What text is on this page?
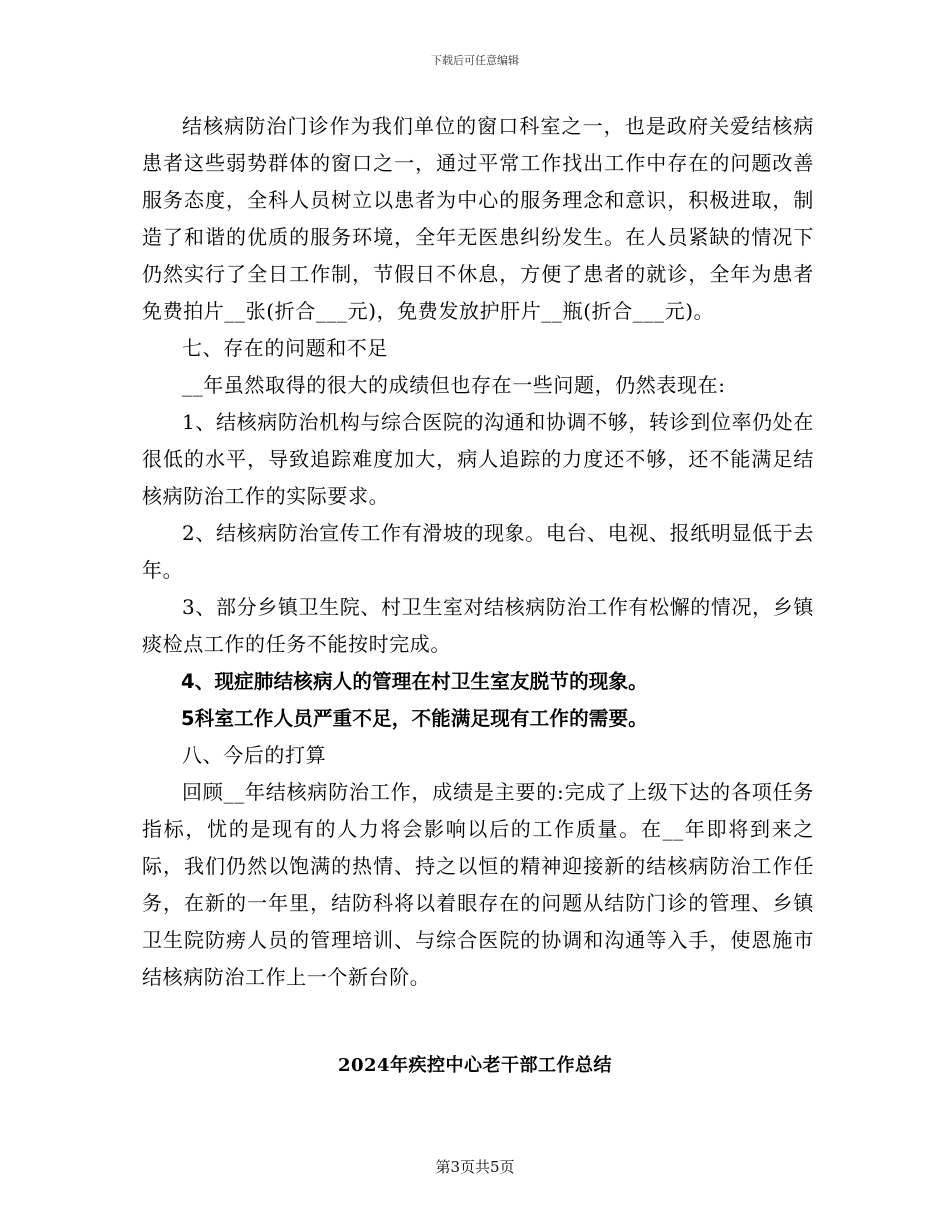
下载后可任意编辑

结核病防治门诊作为我们单位的窗口科室之一，也是政府关爱结核病患者这些弱势群体的窗口之一，通过平常工作找出工作中存在的问题改善服务态度，全科人员树立以患者为中心的服务理念和意识，积极进取，制造了和谐的优质的服务环境，全年无医患纠纷发生。在人员紧缺的情况下仍然实行了全日工作制，节假日不休息，方便了患者的就诊，全年为患者免费拍片__张(折合___元)，免费发放护肝片__瓶(折合___元)。

七、存在的问题和不足

__年虽然取得的很大的成绩但也存在一些问题，仍然表现在:

1、结核病防治机构与综合医院的沟通和协调不够，转诊到位率仍处在很低的水平，导致追踪难度加大，病人追踪的力度还不够，还不能满足结核病防治工作的实际要求。

2、结核病防治宣传工作有滑坡的现象。电台、电视、报纸明显低于去年。

3、部分乡镇卫生院、村卫生室对结核病防治工作有松懈的情况，乡镇痰检点工作的任务不能按时完成。

4、现症肺结核病人的管理在村卫生室友脱节的现象。

5科室工作人员严重不足，不能满足现有工作的需要。

八、今后的打算

回顾__年结核病防治工作，成绩是主要的:完成了上级下达的各项任务指标，忧的是现有的人力将会影响以后的工作质量。在__年即将到来之际，我们仍然以饱满的热情、持之以恒的精神迎接新的结核病防治工作任务，在新的一年里，结防科将以着眼存在的问题从结防门诊的管理、乡镇卫生院防痨人员的管理培训、与综合医院的协调和沟通等入手，使恩施市结核病防治工作上一个新台阶。

2024年疾控中心老干部工作总结
第3页共5页
